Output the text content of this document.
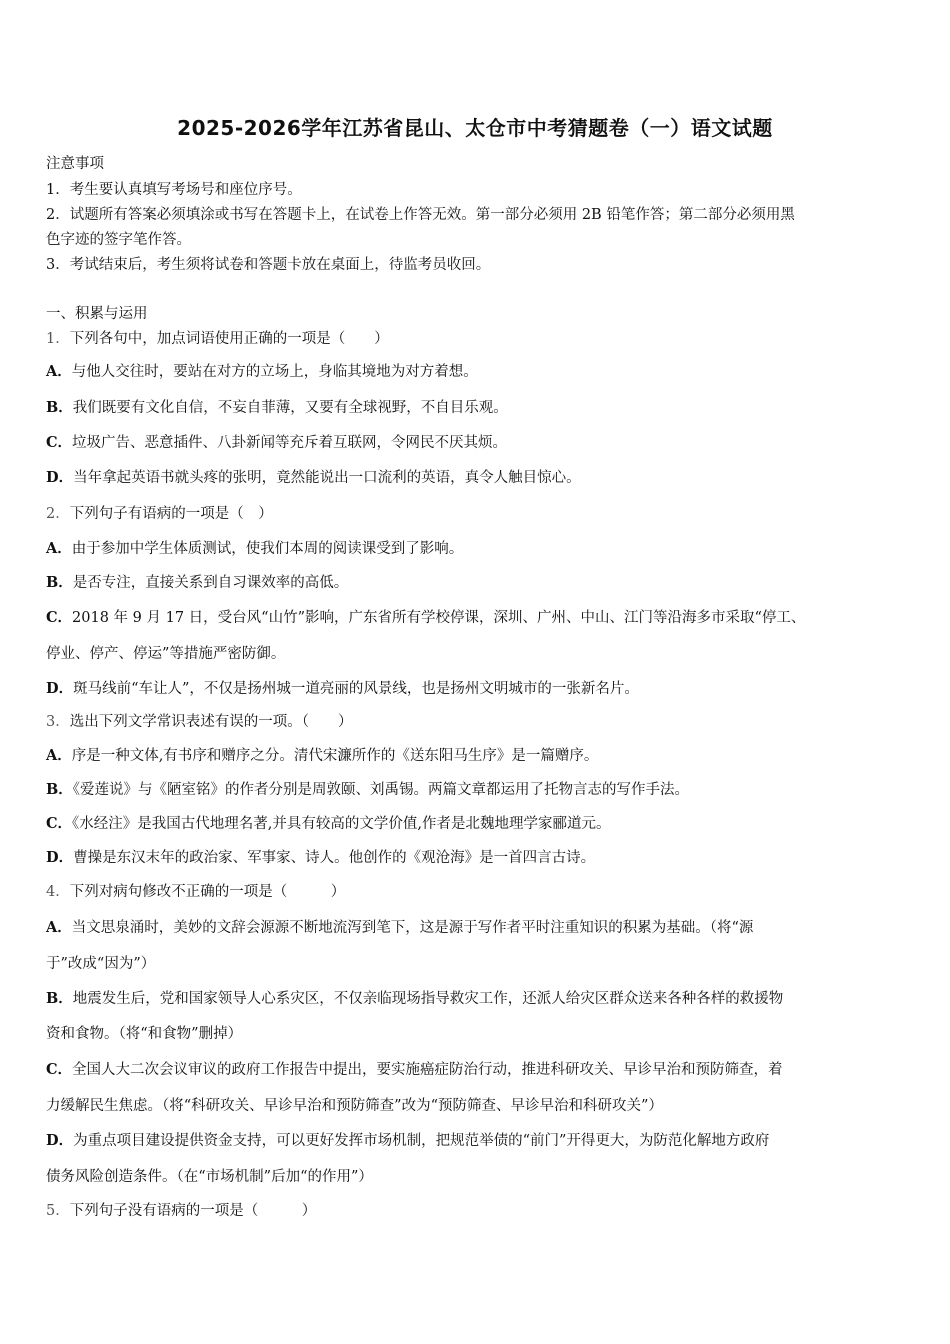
2025-2026学年江苏省昆山、太仓市中考猜题卷（一）语文试题
注意事项
1．考生要认真填写考场号和座位序号。
2．试题所有答案必须填涂或书写在答题卡上，在试卷上作答无效。第一部分必须用 2B 铅笔作答；第二部分必须用黑
色字迹的签字笔作答。
3．考试结束后，考生须将试卷和答题卡放在桌面上，待监考员收回。
一、积累与运用
1．下列各句中，加点词语使用正确的一项是（　　）
A．与他人交往时，要站在对方的立场上，身临其境地为对方着想。
B．我们既要有文化自信，不妄自菲薄，又要有全球视野，不自目乐观。
C．垃圾广告、恶意插件、八卦新闻等充斥着互联网，令网民不厌其烦。
D．当年拿起英语书就头疼的张明，竟然能说出一口流利的英语，真令人触目惊心。
2．下列句子有语病的一项是（　）
A．由于参加中学生体质测试，使我们本周的阅读课受到了影响。
B．是否专注，直接关系到自习课效率的高低。
C．2018 年 9 月 17 日，受台风“山竹”影响，广东省所有学校停课，深圳、广州、中山、江门等沿海多市采取“停工、
停业、停产、停运”等措施严密防御。
D．斑马线前“车让人”，不仅是扬州城一道亮丽的风景线，也是扬州文明城市的一张新名片。
3．选出下列文学常识表述有误的一项。（　　）
A．序是一种文体,有书序和赠序之分。清代宋濂所作的《送东阳马生序》是一篇赠序。
B．《爱莲说》与《陋室铭》的作者分别是周敦颐、刘禹锡。两篇文章都运用了托物言志的写作手法。
C．《水经注》是我国古代地理名著,并具有较高的文学价值,作者是北魏地理学家郦道元。
D．曹操是东汉末年的政治家、军事家、诗人。他创作的《观沧海》是一首四言古诗。
4．下列对病句修改不正确的一项是（　　　）
A．当文思泉涌时，美妙的文辞会源源不断地流泻到笔下，这是源于写作者平时注重知识的积累为基础。（将“源
于”改成“因为”）
B．地震发生后，党和国家领导人心系灾区，不仅亲临现场指导救灾工作，还派人给灾区群众送来各种各样的救援物
资和食物。（将“和食物”删掉）
C．全国人大二次会议审议的政府工作报告中提出，要实施癌症防治行动，推进科研攻关、早诊早治和预防筛查，着
力缓解民生焦虑。（将“科研攻关、早诊早治和预防筛查”改为“预防筛查、早诊早治和科研攻关”）
D．为重点项目建设提供资金支持，可以更好发挥市场机制，把规范举债的“前门”开得更大，为防范化解地方政府
债务风险创造条件。（在“市场机制”后加“的作用”）
5．下列句子没有语病的一项是（　　　）
